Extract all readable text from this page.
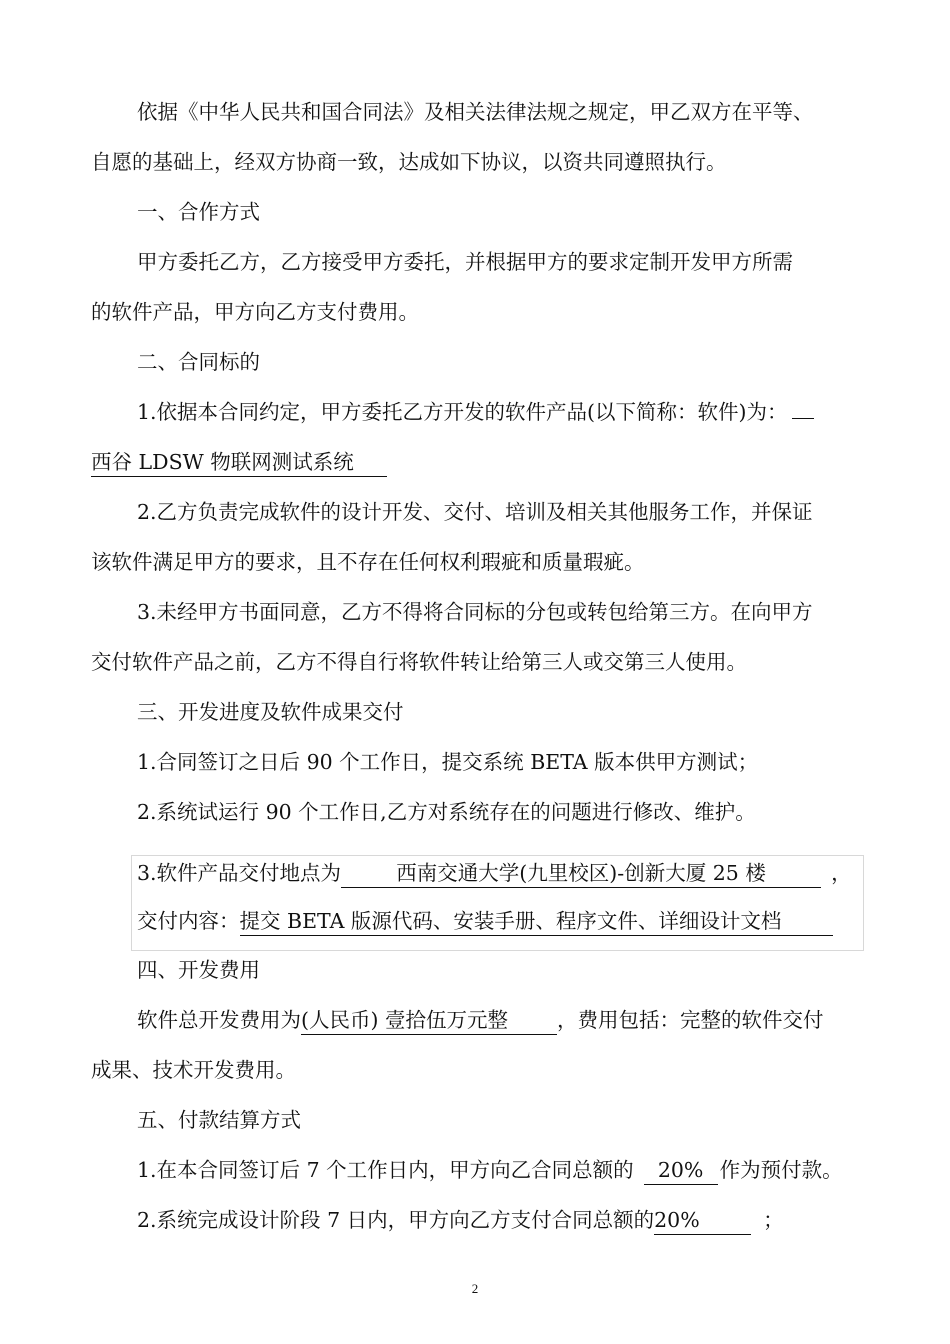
依据《中华人民共和国合同法》及相关法律法规之规定，甲乙双方在平等、
自愿的基础上，经双方协商一致，达成如下协议，以资共同遵照执行。
一、合作方式
甲方委托乙方，乙方接受甲方委托，并根据甲方的要求定制开发甲方所需
的软件产品，甲方向乙方支付费用。
二、合同标的
1.依据本合同约定，甲方委托乙方开发的软件产品(以下简称：软件)为：
西谷 LDSW 物联网测试系统
2.乙方负责完成软件的设计开发、交付、培训及相关其他服务工作，并保证
该软件满足甲方的要求，且不存在任何权利瑕疵和质量瑕疵。
3.未经甲方书面同意，乙方不得将合同标的分包或转包给第三方。在向甲方
交付软件产品之前，乙方不得自行将软件转让给第三人或交第三人使用。
三、开发进度及软件成果交付
1.合同签订之日后 90 个工作日，提交系统 BETA 版本供甲方测试；
2.系统试运行 90 个工作日,乙方对系统存在的问题进行修改、维护。
3.软件产品交付地点为	西南交通大学(九里校区)-创新大厦 25 楼	，
交付内容：提交 BETA 版源代码、安装手册、程序文件、详细设计文档
四、开发费用
软件总开发费用为(人民币) 壹拾伍万元整 ，费用包括：完整的软件交付
成果、技术开发费用。
五、付款结算方式
1.在本合同签订后 7 个工作日内，甲方向乙合同总额的 20% 作为预付款。
2.系统完成设计阶段 7 日内，甲方向乙方支付合同总额的20%	；
2
